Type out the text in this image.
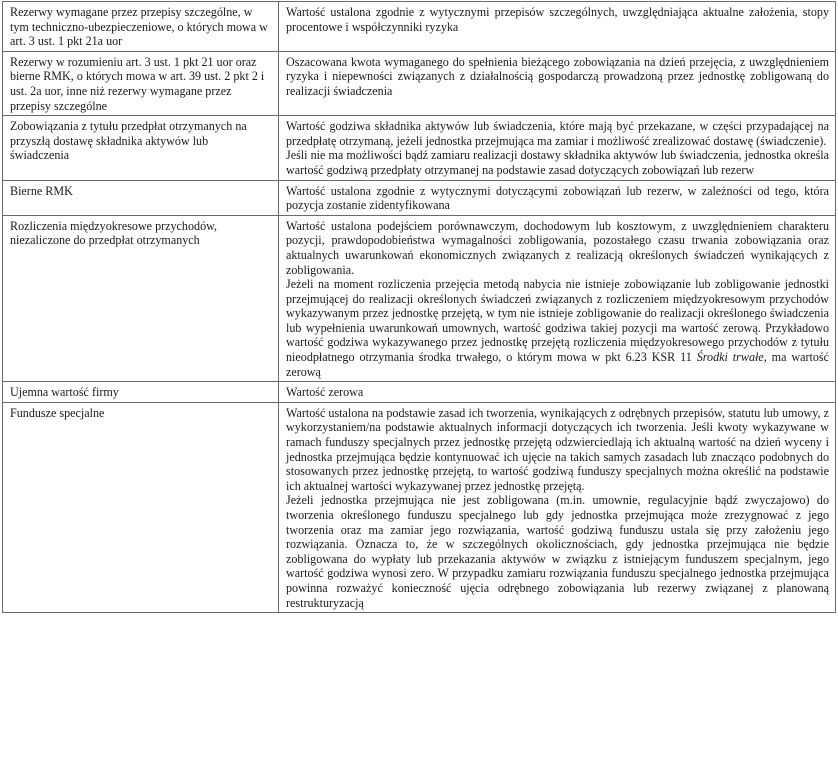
Rezerwy wymagane przez przepisy szczególne, w tym techniczno-ubezpieczeniowe, o których mowa w art. 3 ust. 1 pkt 21a uor	Wartość ustalona zgodnie z wytycznymi przepisów szczególnych, uwzględniająca aktualne założenia, stopy procentowe i współczynniki ryzyka

Rezerwy w rozumieniu art. 3 ust. 1 pkt 21 uor oraz bierne RMK, o których mowa w art. 39 ust. 2 pkt 2 i ust. 2a uor, inne niż rezerwy wymagane przez przepisy szczególne	Oszacowana kwota wymaganego do spełnienia bieżącego zobowiązania na dzień przejęcia, z uwzględnieniem ryzyka i niepewności związanych z działalnością gospodarczą prowadzoną przez jednostkę zobligowaną do realizacji świadczenia

Zobowiązania z tytułu przedpłat otrzymanych na przyszłą dostawę składnika aktywów lub świadczenia	Wartość godziwa składnika aktywów lub świadczenia, które mają być przekazane, w części przypadającej na przedpłatę otrzymaną, jeżeli jednostka przejmująca ma zamiar i możliwość zrealizować dostawę (świadczenie).
Jeśli nie ma możliwości bądź zamiaru realizacji dostawy składnika aktywów lub świadczenia, jednostka określa wartość godziwą przedpłaty otrzymanej na podstawie zasad dotyczących zobowiązań lub rezerw

Bierne RMK	Wartość ustalona zgodnie z wytycznymi dotyczącymi zobowiązań lub rezerw, w zależności od tego, która pozycja zostanie zidentyfikowana

Rozliczenia międzyokresowe przychodów, niezaliczone do przedpłat otrzymanych	Wartość ustalona podejściem porównawczym, dochodowym lub kosztowym, z uwzględnieniem charakteru pozycji, prawdopodobieństwa wymagalności zobligowania, pozostałego czasu trwania zobowiązania oraz aktualnych uwarunkowań ekonomicznych związanych z realizacją określonych świadczeń wynikających z zobligowania.
Jeżeli na moment rozliczenia przejęcia metodą nabycia nie istnieje zobowiązanie lub zobligowanie jednostki przejmującej do realizacji określonych świadczeń związanych z rozliczeniem międzyokresowym przychodów wykazywanym przez jednostkę przejętą, w tym nie istnieje zobligowanie do realizacji określonego świadczenia lub wypełnienia uwarunkowań umownych, wartość godziwa takiej pozycji ma wartość zerową. Przykładowo wartość godziwa wykazywanego przez jednostkę przejętą rozliczenia międzyokresowego przychodów z tytułu nieodpłatnego otrzymania środka trwałego, o którym mowa w pkt 6.23 KSR 11 Środki trwałe, ma wartość zerową

Ujemna wartość firmy	Wartość zerowa

Fundusze specjalne	Wartość ustalona na podstawie zasad ich tworzenia, wynikających z odrębnych przepisów, statutu lub umowy, z wykorzystaniem/na podstawie aktualnych informacji dotyczących ich tworzenia. Jeśli kwoty wykazywane w ramach funduszy specjalnych przez jednostkę przejętą odzwierciedlają ich aktualną wartość na dzień wyceny i jednostka przejmująca będzie kontynuować ich ujęcie na takich samych zasadach lub znacząco podobnych do stosowanych przez jednostkę przejętą, to wartość godziwą funduszy specjalnych można określić na podstawie ich aktualnej wartości wykazywanej przez jednostkę przejętą.
Jeżeli jednostka przejmująca nie jest zobligowana (m.in. umownie, regulacyjnie bądź zwyczajowo) do tworzenia określonego funduszu specjalnego lub gdy jednostka przejmująca może zrezygnować z jego tworzenia oraz ma zamiar jego rozwiązania, wartość godziwą funduszu ustala się przy założeniu jego rozwiązania. Oznacza to, że w szczególnych okolicznościach, gdy jednostka przejmująca nie będzie zobligowana do wypłaty lub przekazania aktywów w związku z istniejącym funduszem specjalnym, jego wartość godziwa wynosi zero. W przypadku zamiaru rozwiązania funduszu specjalnego jednostka przejmująca powinna rozważyć konieczność ujęcia odrębnego zobowiązania lub rezerwy związanej z planowaną restrukturyzacją
